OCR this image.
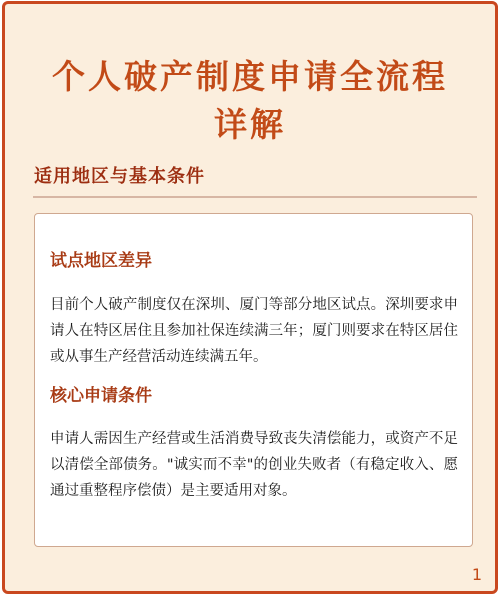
个人破产制度申请全流程
详解
适用地区与基本条件
试点地区差异
目前个人破产制度仅在深圳、厦门等部分地区试点。深圳要求申请人在特区居住且参加社保连续满三年；厦门则要求在特区居住或从事生产经营活动连续满五年。
核心申请条件
申请人需因生产经营或生活消费导致丧失清偿能力，或资产不足以清偿全部债务。"诚实而不幸"的创业失败者（有稳定收入、愿通过重整程序偿债）是主要适用对象。
1
